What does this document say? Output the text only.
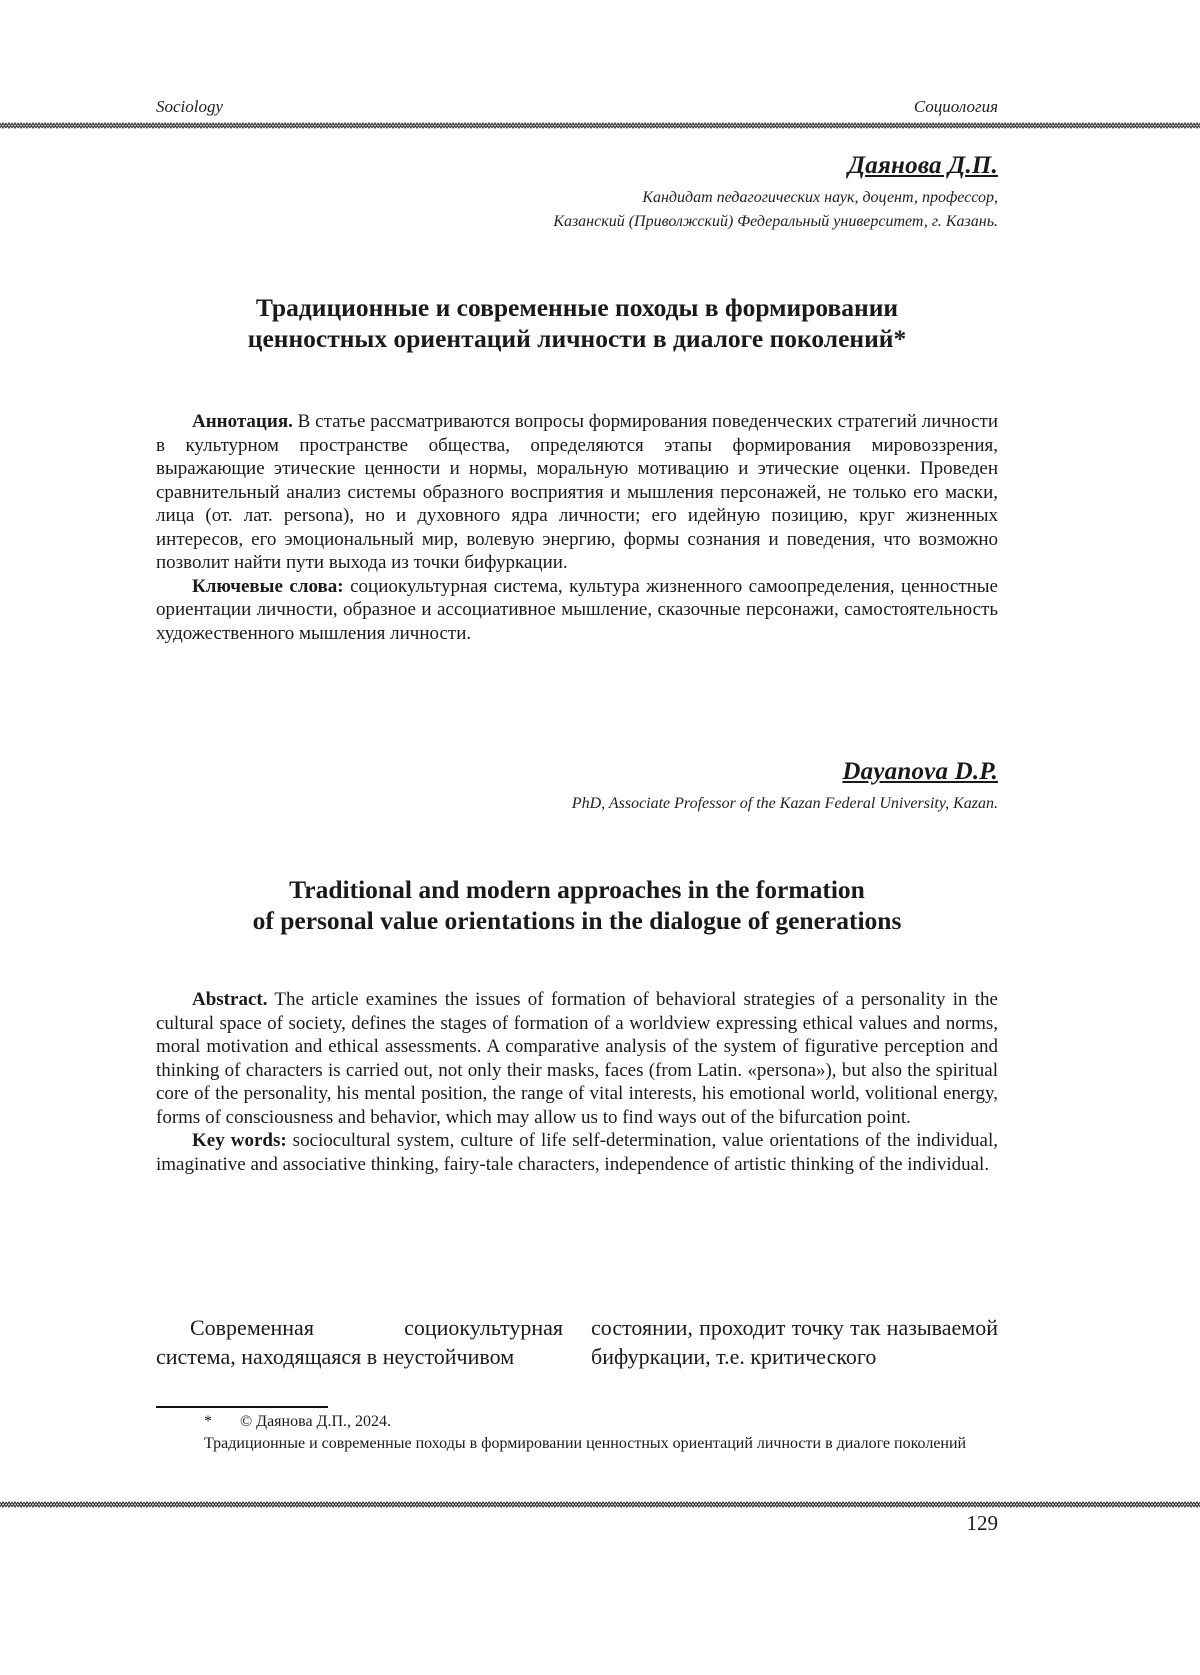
Sociology	Социология
Даянова Д.П.
Кандидат педагогических наук, доцент, профессор,
Казанский (Приволжский) Федеральный университет, г. Казань.
Традиционные и современные походы в формировании
ценностных ориентаций личности в диалоге поколений*

Аннотация. В статье рассматриваются вопросы формирования поведенческих стратегий личности в культурном пространстве общества, определяются этапы формирования мировоззрения, выражающие этические ценности и нормы, моральную мотивацию и этические оценки. Проведен сравнительный анализ системы образного восприятия и мышления персонажей, не только его маски, лица (от. лат. persona), но и духовного ядра личности; его идейную позицию, круг жизненных интересов, его эмоциональный мир, волевую энергию, формы сознания и поведения, что возможно позволит найти пути выхода из точки бифуркации.

Ключевые слова: социокультурная система, культура жизненного самоопределения, ценностные ориентации личности, образное и ассоциативное мышление, сказочные персонажи, самостоятельность художественного мышления личности.

Dayanova D.P.
PhD, Associate Professor of the Kazan Federal University, Kazan.
Traditional and modern approaches in the formation
of personal value orientations in the dialogue of generations

Abstract. The article examines the issues of formation of behavioral strategies of a personality in the cultural space of society, defines the stages of formation of a worldview expressing ethical values and norms, moral motivation and ethical assessments. A comparative analysis of the system of figurative perception and thinking of characters is carried out, not only their masks, faces (from Latin. «persona»), but also the spiritual core of the personality, his mental position, the range of vital interests, his emotional world, volitional energy, forms of consciousness and behavior, which may allow us to find ways out of the bifurcation point.

Key words: sociocultural system, culture of life self-determination, value orientations of the individual, imaginative and associative thinking, fairy-tale characters, independence of artistic thinking of the individual.

Современная социокультурная система, находящаяся в неустойчивом

состоянии, проходит точку так называемой бифуркации, т.е. критического

* © Даянова Д.П., 2024.
Традиционные и современные походы в формировании ценностных ориентаций личности в диалоге поколений
129
